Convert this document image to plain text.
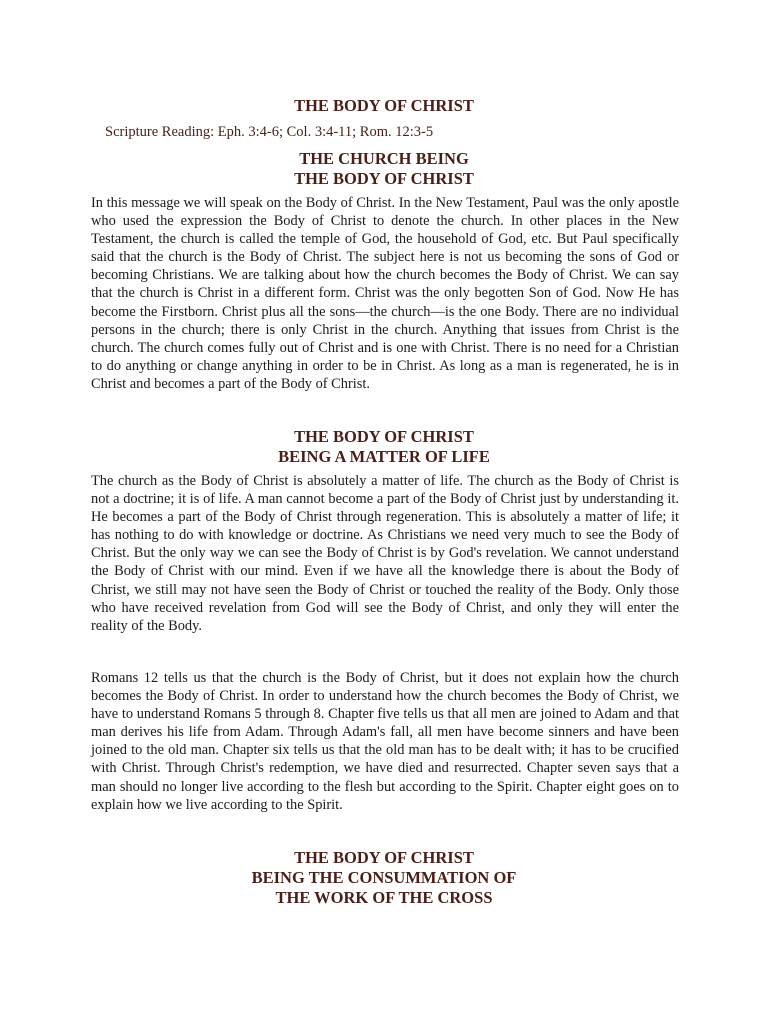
THE BODY OF CHRIST

Scripture Reading: Eph. 3:4-6; Col. 3:4-11; Rom. 12:3-5

THE CHURCH BEING
THE BODY OF CHRIST

In this message we will speak on the Body of Christ. In the New Testament, Paul was the only apostle who used the expression the Body of Christ to denote the church. In other places in the New Testament, the church is called the temple of God, the household of God, etc. But Paul specifically said that the church is the Body of Christ. The subject here is not us becoming the sons of God or becoming Christians. We are talking about how the church becomes the Body of Christ. We can say that the church is Christ in a different form. Christ was the only begotten Son of God. Now He has become the Firstborn. Christ plus all the sons—the church—is the one Body. There are no individual persons in the church; there is only Christ in the church. Anything that issues from Christ is the church. The church comes fully out of Christ and is one with Christ. There is no need for a Christian to do anything or change anything in order to be in Christ. As long as a man is regenerated, he is in Christ and becomes a part of the Body of Christ.

THE BODY OF CHRIST
BEING A MATTER OF LIFE

The church as the Body of Christ is absolutely a matter of life. The church as the Body of Christ is not a doctrine; it is of life. A man cannot become a part of the Body of Christ just by understanding it. He becomes a part of the Body of Christ through regeneration. This is absolutely a matter of life; it has nothing to do with knowledge or doctrine. As Christians we need very much to see the Body of Christ. But the only way we can see the Body of Christ is by God's revelation. We cannot understand the Body of Christ with our mind. Even if we have all the knowledge there is about the Body of Christ, we still may not have seen the Body of Christ or touched the reality of the Body. Only those who have received revelation from God will see the Body of Christ, and only they will enter the reality of the Body.

Romans 12 tells us that the church is the Body of Christ, but it does not explain how the church becomes the Body of Christ. In order to understand how the church becomes the Body of Christ, we have to understand Romans 5 through 8. Chapter five tells us that all men are joined to Adam and that man derives his life from Adam. Through Adam's fall, all men have become sinners and have been joined to the old man. Chapter six tells us that the old man has to be dealt with; it has to be crucified with Christ. Through Christ's redemption, we have died and resurrected. Chapter seven says that a man should no longer live according to the flesh but according to the Spirit. Chapter eight goes on to explain how we live according to the Spirit.

THE BODY OF CHRIST
BEING THE CONSUMMATION OF
THE WORK OF THE CROSS
